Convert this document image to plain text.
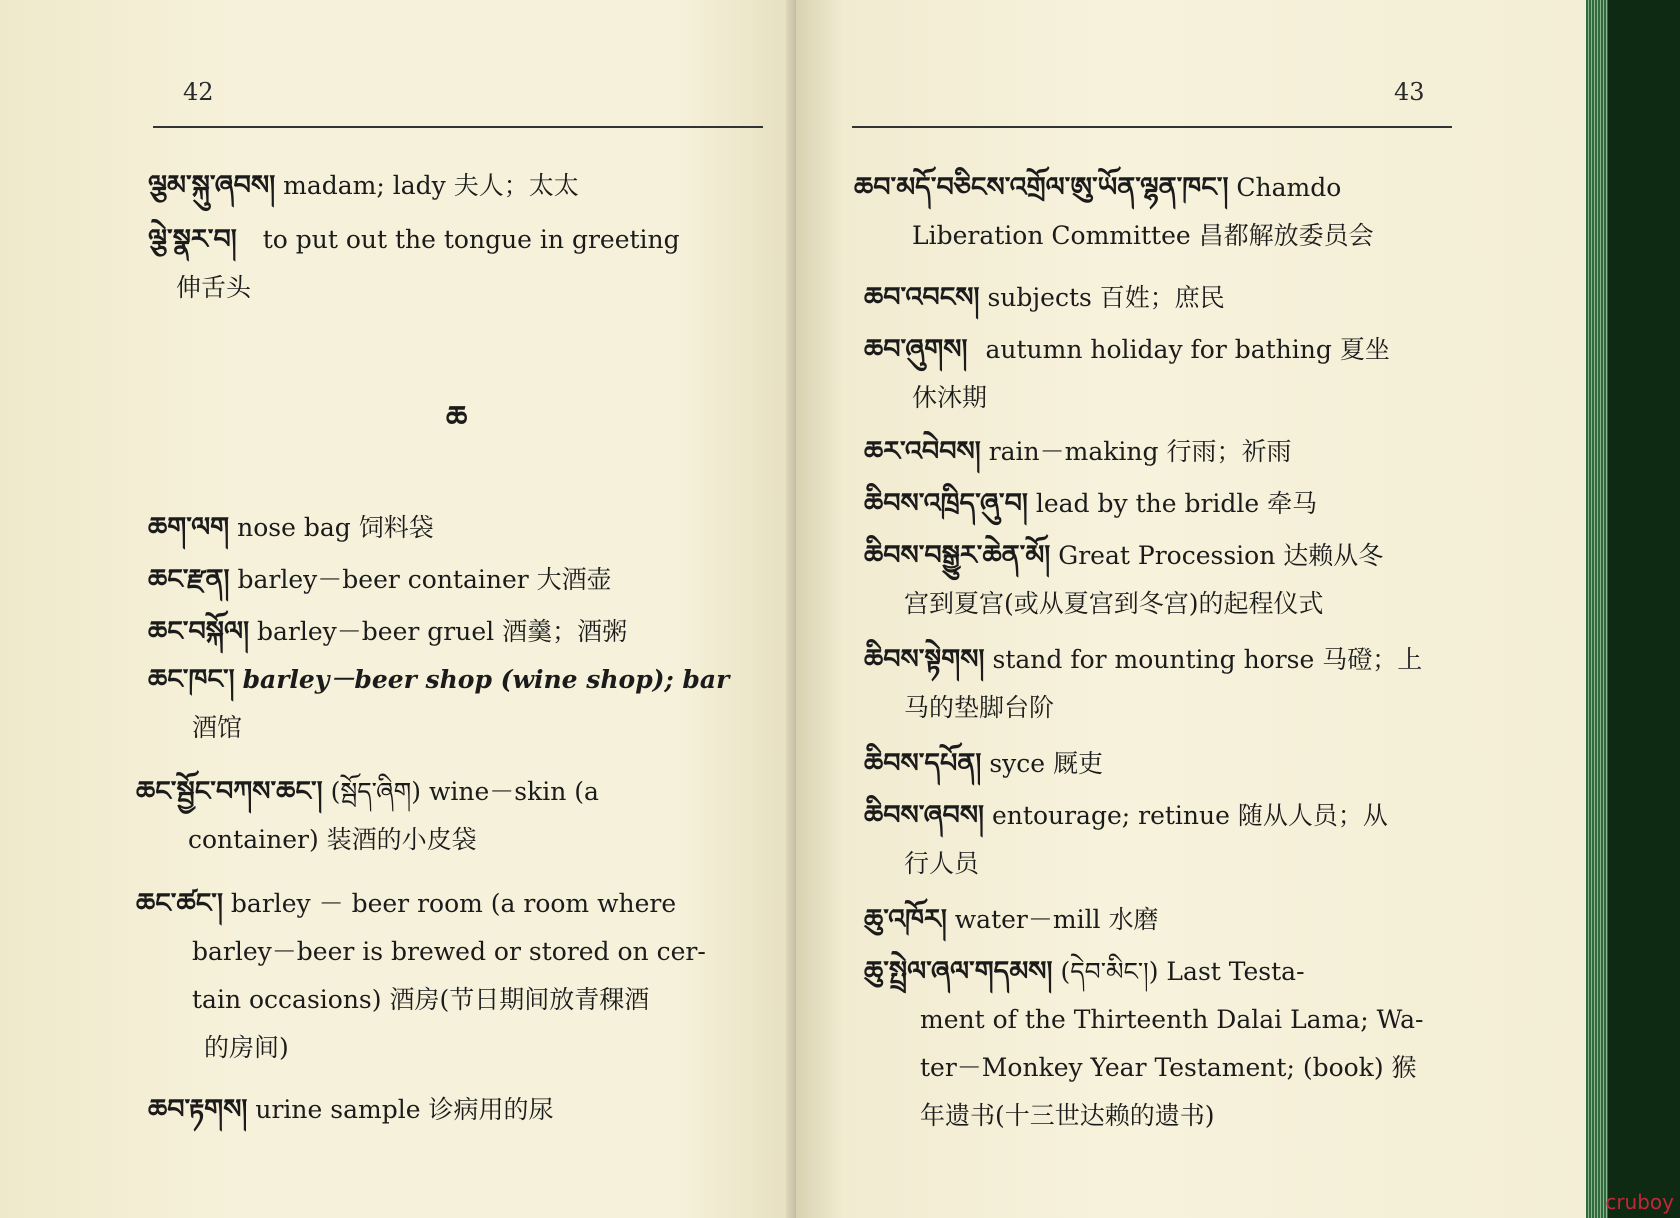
42
ལྕམ་སྐུ་ཞབས། madam; lady 夫人；太太
ལྕེ་སྣར་བ། to put out the tongue in greeting
伸舌头
ཆ
ཆག་ལག nose bag 饲料袋
ཆང་རྫན། barley－beer container 大酒壶
ཆང་བསྐོལ། barley－beer gruel 酒羹；酒粥
ཆང་ཁང་། barley－beer shop (wine shop); bar
酒馆
ཆང་སྦྱོང་བཀས་ཆང་། (སྦོད་ཞིག) wine－skin (a
container) 装酒的小皮袋
ཆང་ཚང་། barley － beer room (a room where
barley－beer is brewed or stored on cer-
tain occasions) 酒房(节日期间放青稞酒
的房间)
ཆབ་རྟགས། urine sample 诊病用的尿
43
ཆབ་མདོ་བཅིངས་འགྲོལ་ཨུ་ཡོན་ལྷན་ཁང་། Chamdo
Liberation Committee 昌都解放委员会
ཆབ་འབངས། subjects 百姓；庶民
ཆབ་ཞུགས། autumn holiday for bathing 夏坐
休沐期
ཆར་འབེབས། rain－making 行雨；祈雨
ཆིབས་འཁྲིད་ཞུ་བ། lead by the bridle 牵马
ཆིབས་བསྒྱུར་ཆེན་མོ། Great Procession 达赖从冬
宫到夏宫(或从夏宫到冬宫)的起程仪式
ཆིབས་སྟེགས། stand for mounting horse 马磴；上
马的垫脚台阶
ཆིབས་དཔོན། syce 厩吏
ཆིབས་ཞབས། entourage; retinue 随从人员；从
行人员
ཆུ་འཁོར། water－mill 水磨
ཆུ་སྤྲེལ་ཞལ་གདམས། (དེབ་མིང་།) Last Testa-
ment of the Thirteenth Dalai Lama; Wa-
ter－Monkey Year Testament; (book) 猴
年遗书(十三世达赖的遗书)
cruboy
